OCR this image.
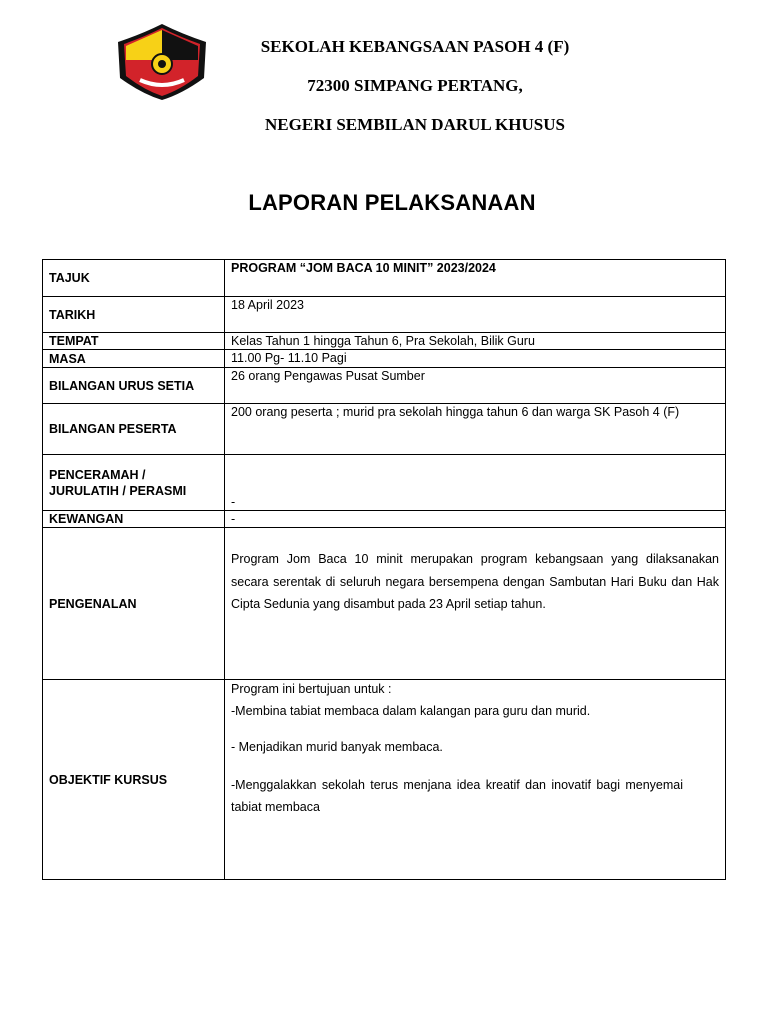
SEKOLAH KEBANGSAAN PASOH 4 (F)
72300 SIMPANG PERTANG,
NEGERI SEMBILAN DARUL KHUSUS
LAPORAN PELAKSANAAN
TAJUK	PROGRAM “JOM BACA 10 MINIT” 2023/2024
TARIKH	18 April 2023
TEMPAT	Kelas Tahun 1 hingga Tahun 6, Pra Sekolah, Bilik Guru
MASA	11.00 Pg- 11.10 Pagi
BILANGAN URUS SETIA	26 orang Pengawas Pusat Sumber
BILANGAN PESERTA	200 orang peserta ; murid pra sekolah hingga tahun 6 dan warga SK Pasoh 4 (F)
PENCERAMAH / JURULATIH / PERASMI	-
KEWANGAN	-
PENGENALAN	Program Jom Baca 10 minit merupakan program kebangsaan yang dilaksanakan secara serentak di seluruh negara bersempena dengan Sambutan Hari Buku dan Hak Cipta Sedunia yang disambut pada 23 April setiap tahun.

OBJEKTIF KURSUS	Program ini bertujuan untuk :

-Membina tabiat membaca dalam kalangan para guru dan murid.

- Menjadikan murid banyak membaca.

-Menggalakkan sekolah terus menjana idea kreatif dan inovatif bagi menyemai tabiat membaca
